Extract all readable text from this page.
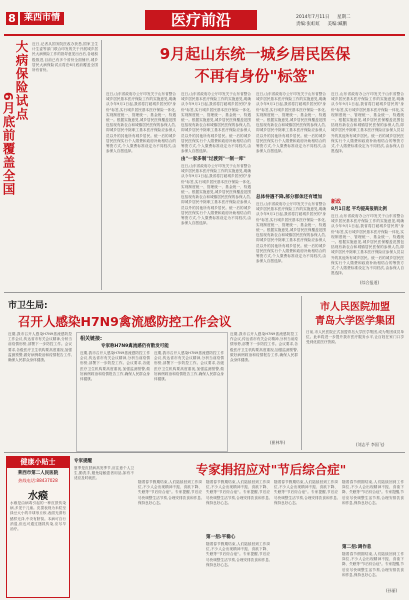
8 莱西市情	医疗前沿	2014年7月11日 星期二
责编:张虹虹 美编:臧鹏
大病保险试点
6月底前覆盖全国
近日,记者从国务院医改办获悉,国家卫生计生委等部门联合印发的关于开展城乡居民大病保险工作的指导意见出台后,各地积极推进,目前已有多个省份全面铺开,城乡居民大病保险试点将在6月底前覆盖全国所有省份。
9月起山东统一城乡居民医保
不再有身份"标签"
近日,山东省政府办公厅印发关于山东省整合城乡居民基本医疗保险工作的实施意见,明确从今年9月1日起,我省将打破城乡居民的"身份"标签,实行城乡居民基本医疗保险一体化,实现制度统一、管理统一、基金统一、待遇统一。根据实施意见,城乡居民医保覆盖范围包括现有新农合和城镇居民医保的参保人员,即城乡居民中除职工基本医疗保险应参保人员以外的其他所有城乡居民。统一后的城乡居民医保实行个人缴费和政府补助相结合的筹资方式,个人缴费标准设定为不同档次,由参保人自愿选择。
近日,山东省政府办公厅印发关于山东省整合城乡居民基本医疗保险工作的实施意见,明确从今年9月1日起,我省将打破城乡居民的"身份"标签,实行城乡居民基本医疗保险一体化,实现制度统一、管理统一、基金统一、待遇统一。根据实施意见,城乡居民医保覆盖范围包括现有新农合和城镇居民医保的参保人员,即城乡居民中除职工基本医疗保险应参保人员以外的其他所有城乡居民。统一后的城乡居民医保实行个人缴费和政府补助相结合的筹资方式,个人缴费标准设定为不同档次,由参保人自愿选择。
由"一家多制"过渡到"一制一库"
近日,山东省政府办公厅印发关于山东省整合城乡居民基本医疗保险工作的实施意见,明确从今年9月1日起,我省将打破城乡居民的"身份"标签,实行城乡居民基本医疗保险一体化,实现制度统一、管理统一、基金统一、待遇统一。根据实施意见,城乡居民医保覆盖范围包括现有新农合和城镇居民医保的参保人员,即城乡居民中除职工基本医疗保险应参保人员以外的其他所有城乡居民。统一后的城乡居民医保实行个人缴费和政府补助相结合的筹资方式,个人缴费标准设定为不同档次,由参保人自愿选择。
近日,山东省政府办公厅印发关于山东省整合城乡居民基本医疗保险工作的实施意见,明确从今年9月1日起,我省将打破城乡居民的"身份"标签,实行城乡居民基本医疗保险一体化,实现制度统一、管理统一、基金统一、待遇统一。根据实施意见,城乡居民医保覆盖范围包括现有新农合和城镇居民医保的参保人员,即城乡居民中除职工基本医疗保险应参保人员以外的其他所有城乡居民。统一后的城乡居民医保实行个人缴费和政府补助相结合的筹资方式,个人缴费标准设定为不同档次,由参保人自愿选择。
总体待遇不降,部分群体还有增加
近日,山东省政府办公厅印发关于山东省整合城乡居民基本医疗保险工作的实施意见,明确从今年9月1日起,我省将打破城乡居民的"身份"标签,实行城乡居民基本医疗保险一体化,实现制度统一、管理统一、基金统一、待遇统一。根据实施意见,城乡居民医保覆盖范围包括现有新农合和城镇居民医保的参保人员,即城乡居民中除职工基本医疗保险应参保人员以外的其他所有城乡居民。统一后的城乡居民医保实行个人缴费和政府补助相结合的筹资方式,个人缴费标准设定为不同档次,由参保人自愿选择。
近日,山东省政府办公厅印发关于山东省整合城乡居民基本医疗保险工作的实施意见,明确从今年9月1日起,我省将打破城乡居民的"身份"标签,实行城乡居民基本医疗保险一体化,实现制度统一、管理统一、基金统一、待遇统一。根据实施意见,城乡居民医保覆盖范围包括现有新农合和城镇居民医保的参保人员,即城乡居民中除职工基本医疗保险应参保人员以外的其他所有城乡居民。统一后的城乡居民医保实行个人缴费和政府补助相结合的筹资方式,个人缴费标准设定为不同档次,由参保人自愿选择。
新政
8月1日起 平均提高报销比例
近日,山东省政府办公厅印发关于山东省整合城乡居民基本医疗保险工作的实施意见,明确从今年9月1日起,我省将打破城乡居民的"身份"标签,实行城乡居民基本医疗保险一体化,实现制度统一、管理统一、基金统一、待遇统一。根据实施意见,城乡居民医保覆盖范围包括现有新农合和城镇居民医保的参保人员,即城乡居民中除职工基本医疗保险应参保人员以外的其他所有城乡居民。统一后的城乡居民医保实行个人缴费和政府补助相结合的筹资方式,个人缴费标准设定为不同档次,由参保人自愿选择。
(综合报道)
市卫生局:
召开人感染H7N9禽流感防控工作会议
近期,我市召开人感染H7N9禽流感防控工作会议,传达省市有关会议精神,分析当前疫情形势,部署下一步防控工作。会议要求,各级医疗卫生机构要高度重视,加强监测预警,做好病例救治和疫情报告工作,确保人民群众身体健康。
相关链接:
专家称H7N9禽流感仍有散发可能
近期,我市召开人感染H7N9禽流感防控工作会议,传达省市有关会议精神,分析当前疫情形势,部署下一步防控工作。会议要求,各级医疗卫生机构要高度重视,加强监测预警,做好病例救治和疫情报告工作,确保人民群众身体健康。
近期,我市召开人感染H7N9禽流感防控工作会议,传达省市有关会议精神,分析当前疫情形势,部署下一步防控工作。会议要求,各级医疗卫生机构要高度重视,加强监测预警,做好病例救治和疫情报告工作,确保人民群众身体健康。
近期,我市召开人感染H7N9禽流感防控工作会议,传达省市有关会议精神,分析当前疫情形势,部署下一步防控工作。会议要求,各级医疗卫生机构要高度重视,加强监测预警,做好病例救治和疫情报告工作,确保人民群众身体健康。
(崔林华)
市人民医院加盟
青岛大学医学集团
日前,市人民医院正式加盟青岛大学医学集团,成为集团成员单位。此举将进一步提升我市医疗服务水平,让百姓在家门口享受到优质医疗资源。
(刘志平 李国飞)
健康小贴士
莱西市第二人民医院
热线电话:88437028
水瘊
水瘊是由病毒引起的一种皮肤传染病,多见于儿童。皮损表现为米粒至绿豆大小的半球形丘疹,表面光滑有蜡样光泽,中央有脐窝。本病可自行消退,但也可通过搔抓传染,应尽早治疗。
专家提醒
夏季是皮肤病高发季节,应注意个人卫生,勤洗手,避免接触患者用品,如有不适应及时就医。
专家捐招应对"节后综合症"
随着春节假期结束,人们陆续回到工作岗位,不少人会出现精神不振、食欲下降、失眠等"节后综合症"。专家提醒,节后应尽快调整生活节奏,合理安排饮食和作息,保持良好心态。
随着春节假期结束,人们陆续回到工作岗位,不少人会出现精神不振、食欲下降、失眠等"节后综合症"。专家提醒,节后应尽快调整生活节奏,合理安排饮食和作息,保持良好心态。
第一招:平稳心
随着春节假期结束,人们陆续回到工作岗位,不少人会出现精神不振、食欲下降、失眠等"节后综合症"。专家提醒,节后应尽快调整生活节奏,合理安排饮食和作息,保持良好心态。
随着春节假期结束,人们陆续回到工作岗位,不少人会出现精神不振、食欲下降、失眠等"节后综合症"。专家提醒,节后应尽快调整生活节奏,合理安排饮食和作息,保持良好心态。
随着春节假期结束,人们陆续回到工作岗位,不少人会出现精神不振、食欲下降、失眠等"节后综合症"。专家提醒,节后应尽快调整生活节奏,合理安排饮食和作息,保持良好心态。
第二招:调作息
随着春节假期结束,人们陆续回到工作岗位,不少人会出现精神不振、食欲下降、失眠等"节后综合症"。专家提醒,节后应尽快调整生活节奏,合理安排饮食和作息,保持良好心态。
(孙丽)
